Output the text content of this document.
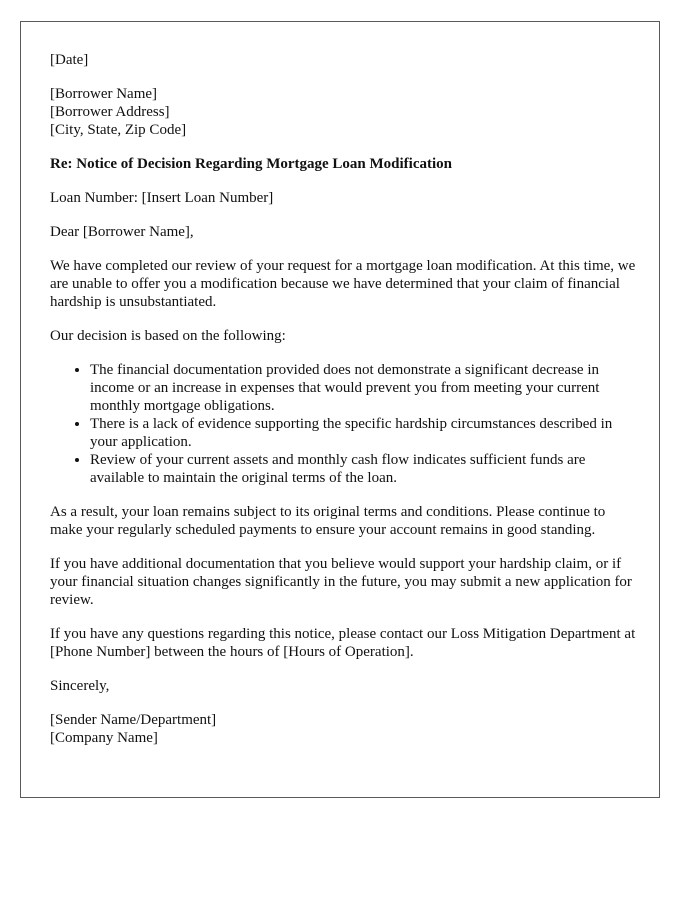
[Date]

[Borrower Name]
[Borrower Address]
[City, State, Zip Code]

Re: Notice of Decision Regarding Mortgage Loan Modification

Loan Number: [Insert Loan Number]

Dear [Borrower Name],

We have completed our review of your request for a mortgage loan modification. At this time, we are unable to offer you a modification because we have determined that your claim of financial hardship is unsubstantiated.

Our decision is based on the following:

• The financial documentation provided does not demonstrate a significant decrease in income or an increase in expenses that would prevent you from meeting your current monthly mortgage obligations.
• There is a lack of evidence supporting the specific hardship circumstances described in your application.
• Review of your current assets and monthly cash flow indicates sufficient funds are available to maintain the original terms of the loan.

As a result, your loan remains subject to its original terms and conditions. Please continue to make your regularly scheduled payments to ensure your account remains in good standing.

If you have additional documentation that you believe would support your hardship claim, or if your financial situation changes significantly in the future, you may submit a new application for review.

If you have any questions regarding this notice, please contact our Loss Mitigation Department at [Phone Number] between the hours of [Hours of Operation].

Sincerely,

[Sender Name/Department]
[Company Name]
